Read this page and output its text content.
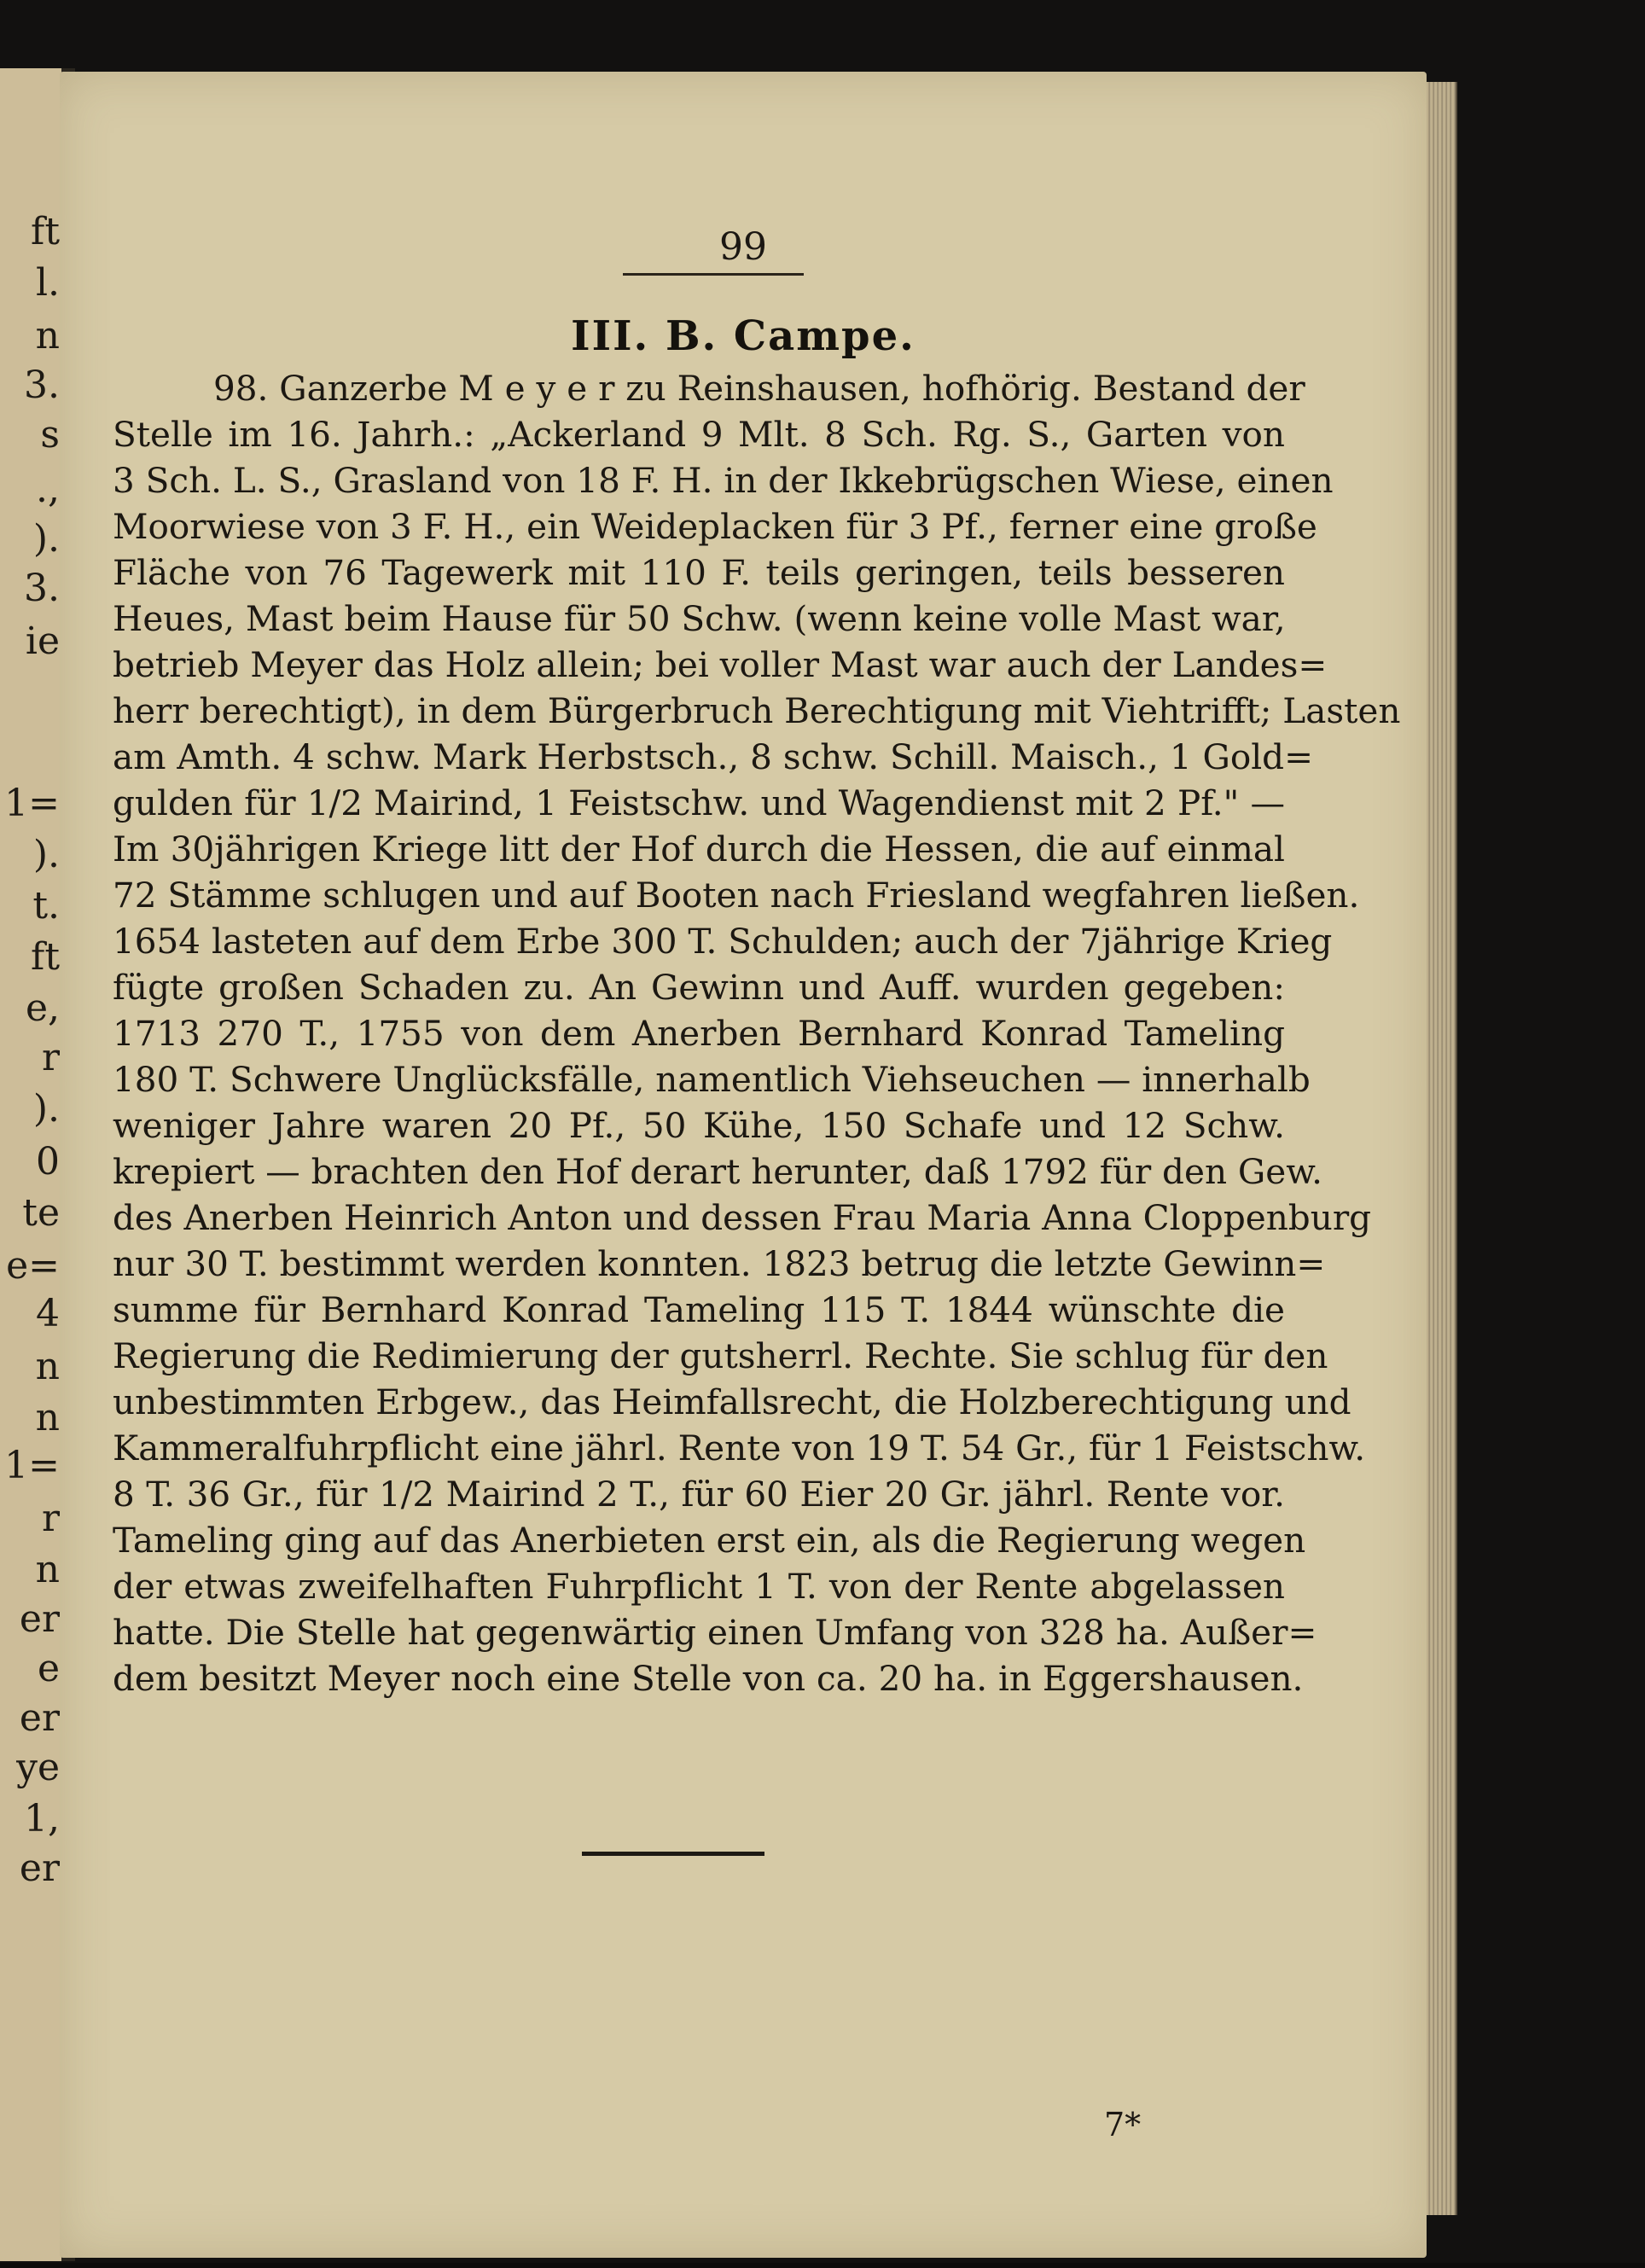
ft
l.
n
3.
s
.,
).
3.
ie
1=
).
t.
ft
e,
r
).
0
te
e=
4
n
n
1=
r
n
er
e
er
ye
1,
er
99
III. B. Campe.
98. Ganzerbe M e y e r zu Reinshausen, hofhörig. Bestand der
Stelle im 16. Jahrh.: „Ackerland 9 Mlt. 8 Sch. Rg. S., Garten von
3 Sch. L. S., Grasland von 18 F. H. in der Ikkebrügschen Wiese, einen
Moorwiese von 3 F. H., ein Weideplacken für 3 Pf., ferner eine große
Fläche von 76 Tagewerk mit 110 F. teils geringen, teils besseren
Heues, Mast beim Hause für 50 Schw. (wenn keine volle Mast war,
betrieb Meyer das Holz allein; bei voller Mast war auch der Landes=
herr berechtigt), in dem Bürgerbruch Berechtigung mit Viehtrifft; Lasten
am Amth. 4 schw. Mark Herbstsch., 8 schw. Schill. Maisch., 1 Gold=
gulden für 1/2 Mairind, 1 Feistschw. und Wagendienst mit 2 Pf." —
Im 30jährigen Kriege litt der Hof durch die Hessen, die auf einmal
72 Stämme schlugen und auf Booten nach Friesland wegfahren ließen.
1654 lasteten auf dem Erbe 300 T. Schulden; auch der 7jährige Krieg
fügte großen Schaden zu. An Gewinn und Auff. wurden gegeben:
1713 270 T., 1755 von dem Anerben Bernhard Konrad Tameling
180 T. Schwere Unglücksfälle, namentlich Viehseuchen — innerhalb
weniger Jahre waren 20 Pf., 50 Kühe, 150 Schafe und 12 Schw.
krepiert — brachten den Hof derart herunter, daß 1792 für den Gew.
des Anerben Heinrich Anton und dessen Frau Maria Anna Cloppenburg
nur 30 T. bestimmt werden konnten. 1823 betrug die letzte Gewinn=
summe für Bernhard Konrad Tameling 115 T. 1844 wünschte die
Regierung die Redimierung der gutsherrl. Rechte. Sie schlug für den
unbestimmten Erbgew., das Heimfallsrecht, die Holzberechtigung und
Kammeralfuhrpflicht eine jährl. Rente von 19 T. 54 Gr., für 1 Feistschw.
8 T. 36 Gr., für 1/2 Mairind 2 T., für 60 Eier 20 Gr. jährl. Rente vor.
Tameling ging auf das Anerbieten erst ein, als die Regierung wegen
der etwas zweifelhaften Fuhrpflicht 1 T. von der Rente abgelassen
hatte. Die Stelle hat gegenwärtig einen Umfang von 328 ha. Außer=
dem besitzt Meyer noch eine Stelle von ca. 20 ha. in Eggershausen.
7*
